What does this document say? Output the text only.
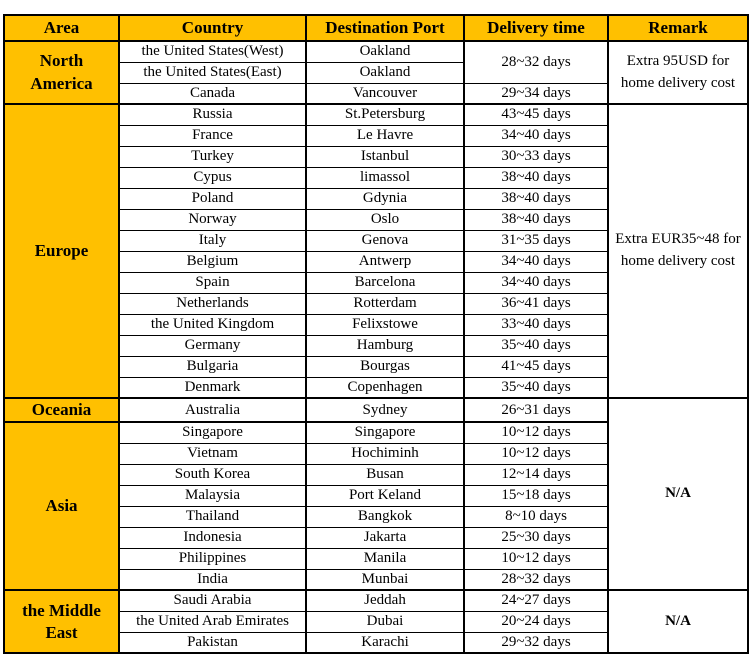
Area	Country	Destination Port	Delivery time	Remark
North America	the United States(West)	Oakland	28~32 days	Extra 95USD for home delivery cost
	the United States(East)	Oakland		
	Canada	Vancouver	29~34 days	
Europe	Russia	St.Petersburg	43~45 days	Extra EUR35~48 for home delivery cost
	France	Le Havre	34~40 days	
	Turkey	Istanbul	30~33 days	
	Cypus	limassol	38~40 days	
	Poland	Gdynia	38~40 days	
	Norway	Oslo	38~40 days	
	Italy	Genova	31~35 days	
	Belgium	Antwerp	34~40 days	
	Spain	Barcelona	34~40 days	
	Netherlands	Rotterdam	36~41 days	
	the United Kingdom	Felixstowe	33~40 days	
	Germany	Hamburg	35~40 days	
	Bulgaria	Bourgas	41~45 days	
	Denmark	Copenhagen	35~40 days	
Oceania	Australia	Sydney	26~31 days	N/A
Asia	Singapore	Singapore	10~12 days	
	Vietnam	Hochiminh	10~12 days	
	South Korea	Busan	12~14 days	
	Malaysia	Port Keland	15~18 days	
	Thailand	Bangkok	8~10 days	
	Indonesia	Jakarta	25~30 days	
	Philippines	Manila	10~12 days	
	India	Munbai	28~32 days	
the Middle East	Saudi Arabia	Jeddah	24~27 days	N/A
	the United Arab Emirates	Dubai	20~24 days	
	Pakistan	Karachi	29~32 days	
